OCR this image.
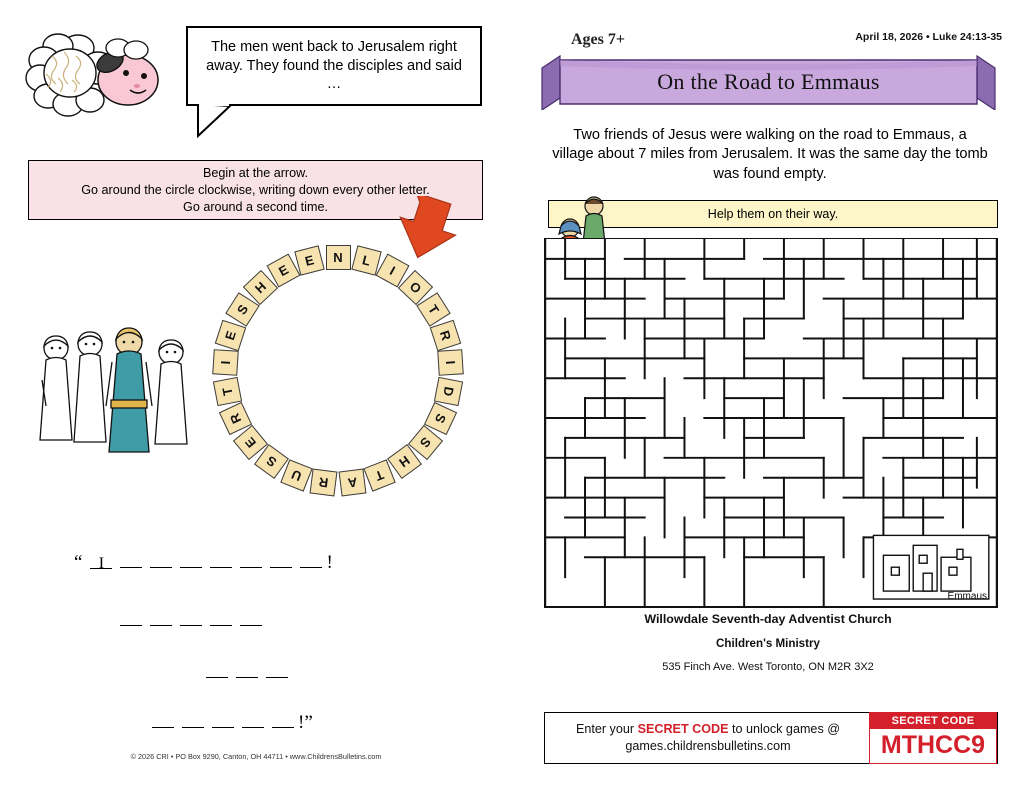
The men went back to Jerusalem right away. They found the disciples and said …
Begin at the arrow.
Go around the circle clockwise, writing down every other letter.
Go around a second time.
N	L
I
O
T
R
I
D
S
S
H
T
A
R
U
S
E
R
T
I
E
S
H
E
E
“ I	!
!”
© 2026 CRI • PO Box 9290, Canton, OH 44711 • www.ChildrensBulletins.com
Ages 7+	April 18, 2026 • Luke 24:13-35
On the Road to Emmaus
Two friends of Jesus were walking on the road to Emmaus, a village about 7 miles from Jerusalem. It was the same day the tomb was found empty.
Help them on their way.
Emmaus
Willowdale Seventh-day Adventist Church
Children's Ministry
535 Finch Ave. West Toronto, ON M2R 3X2
Enter your SECRET CODE to unlock games @
games.childrensbulletins.com
SECRET CODE
MTHCC9
